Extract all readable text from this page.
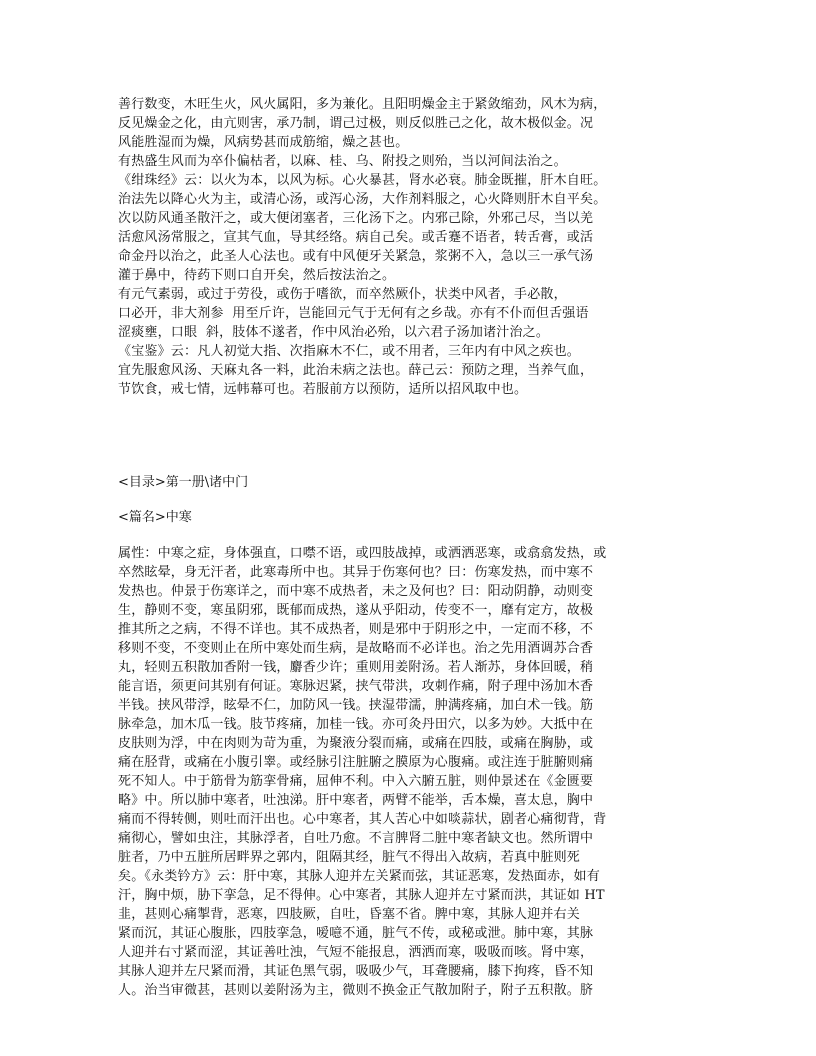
善行数变，木旺生火，风火属阳，多为兼化。且阳明燥金主于紧敛缩劲，风木为病，

反见燥金之化，由亢则害，承乃制，谓己过极，则反似胜己之化，故木极似金。况

风能胜湿而为燥，风病势甚而成筋缩，燥之甚也。

有热盛生风而为卒仆偏枯者，以麻、桂、乌、附投之则殆，当以河间法治之。

《绀珠经》云：以火为本，以风为标。心火暴甚，肾水必衰。肺金既摧，肝木自旺。

治法先以降心火为主，或清心汤，或泻心汤，大作剂料服之，心火降则肝木自平矣。

次以防风通圣散汗之，或大便闭塞者，三化汤下之。内邪己除，外邪己尽，当以羌

活愈风汤常服之，宣其气血，导其经络。病自己矣。或舌蹇不语者，转舌膏，或活

命金丹以治之，此圣人心法也。或有中风便牙关紧急，浆粥不入，急以三一承气汤

灌于鼻中，待药下则口自开矣，然后按法治之。

有元气素弱，或过于劳役，或伤于嗜欲，而卒然厥仆，状类中风者，手必散，

口必开，非大剂参  用至斤许，岂能回元气于无何有之乡哉。亦有不仆而但舌强语

涩痰壅，口眼  斜，肢体不遂者，作中风治必殆，以六君子汤加诸汁治之。

《宝鉴》云：凡人初觉大指、次指麻木不仁，或不用者，三年内有中风之疾也。

宜先服愈风汤、天麻丸各一料，此治未病之法也。薛己云：预防之理，当养气血，

节饮食，戒七情，远帏幕可也。若服前方以预防，适所以招风取中也。

<目录>第一册\诸中门

<篇名>中寒

属性：中寒之症，身体强直，口噤不语，或四肢战掉，或洒洒恶寒，或翕翕发热，或

卒然眩晕，身无汗者，此寒毒所中也。其异于伤寒何也？曰：伤寒发热，而中寒不

发热也。仲景于伤寒详之，而中寒不成热者，未之及何也？曰：阳动阴静，动则变

生，静则不变，寒虽阴邪，既郁而成热，遂从乎阳动，传变不一，靡有定方，故极

推其所之之病，不得不详也。其不成热者，则是邪中于阴形之中，一定而不移，不

移则不变，不变则止在所中寒处而生病，是故略而不必详也。治之先用酒调苏合香

丸，轻则五积散加香附一钱，麝香少许；重则用姜附汤。若人渐苏，身体回暖，稍

能言语，须更问其别有何证。寒脉迟紧，挟气带洪，攻刺作痛，附子理中汤加木香

半钱。挟风带浮，眩晕不仁，加防风一钱。挟湿带濡，肿满疼痛，加白术一钱。筋

脉牵急，加木瓜一钱。肢节疼痛，加桂一钱。亦可灸丹田穴，以多为妙。大抵中在

皮肤则为浮，中在肉则为苛为重，为聚液分裂而痛，或痛在四肢，或痛在胸胁，或

痛在胫背，或痛在小腹引睾。或经脉引注脏腑之膜原为心腹痛。或注连于脏腑则痛

死不知人。中于筋骨为筋挛骨痛，屈伸不利。中入六腑五脏，则仲景述在《金匮要

略》中。所以肺中寒者，吐浊涕。肝中寒者，两臂不能举，舌本燥，喜太息，胸中

痛而不得转侧，则吐而汗出也。心中寒者，其人苦心中如啖蒜状，剧者心痛彻背，背

痛彻心，譬如虫注，其脉浮者，自吐乃愈。不言脾肾二脏中寒者缺文也。然所谓中

脏者，乃中五脏所居畔界之郭内，阻隔其经，脏气不得出入故病，若真中脏则死

矣。《永类钤方》云：肝中寒，其脉人迎并左关紧而弦，其证恶寒，发热面赤，如有

汗，胸中烦，胁下挛急，足不得伸。心中寒者，其脉人迎并左寸紧而洪，其证如 HT

韭，甚则心痛掣背，恶寒，四肢厥，自吐，昏塞不省。脾中寒，其脉人迎并右关

紧而沉，其证心腹胀，四肢挛急，嗳噫不通，脏气不传，或秘或泄。肺中寒，其脉

人迎并右寸紧而涩，其证善吐浊，气短不能报息，洒洒而寒，吸吸而咳。肾中寒，

其脉人迎并左尺紧而滑，其证色黑气弱，吸吸少气，耳聋腰痛，膝下拘疼，昏不知

人。治当审微甚，甚则以姜附汤为主，微则不换金正气散加附子，附子五积散。脐
